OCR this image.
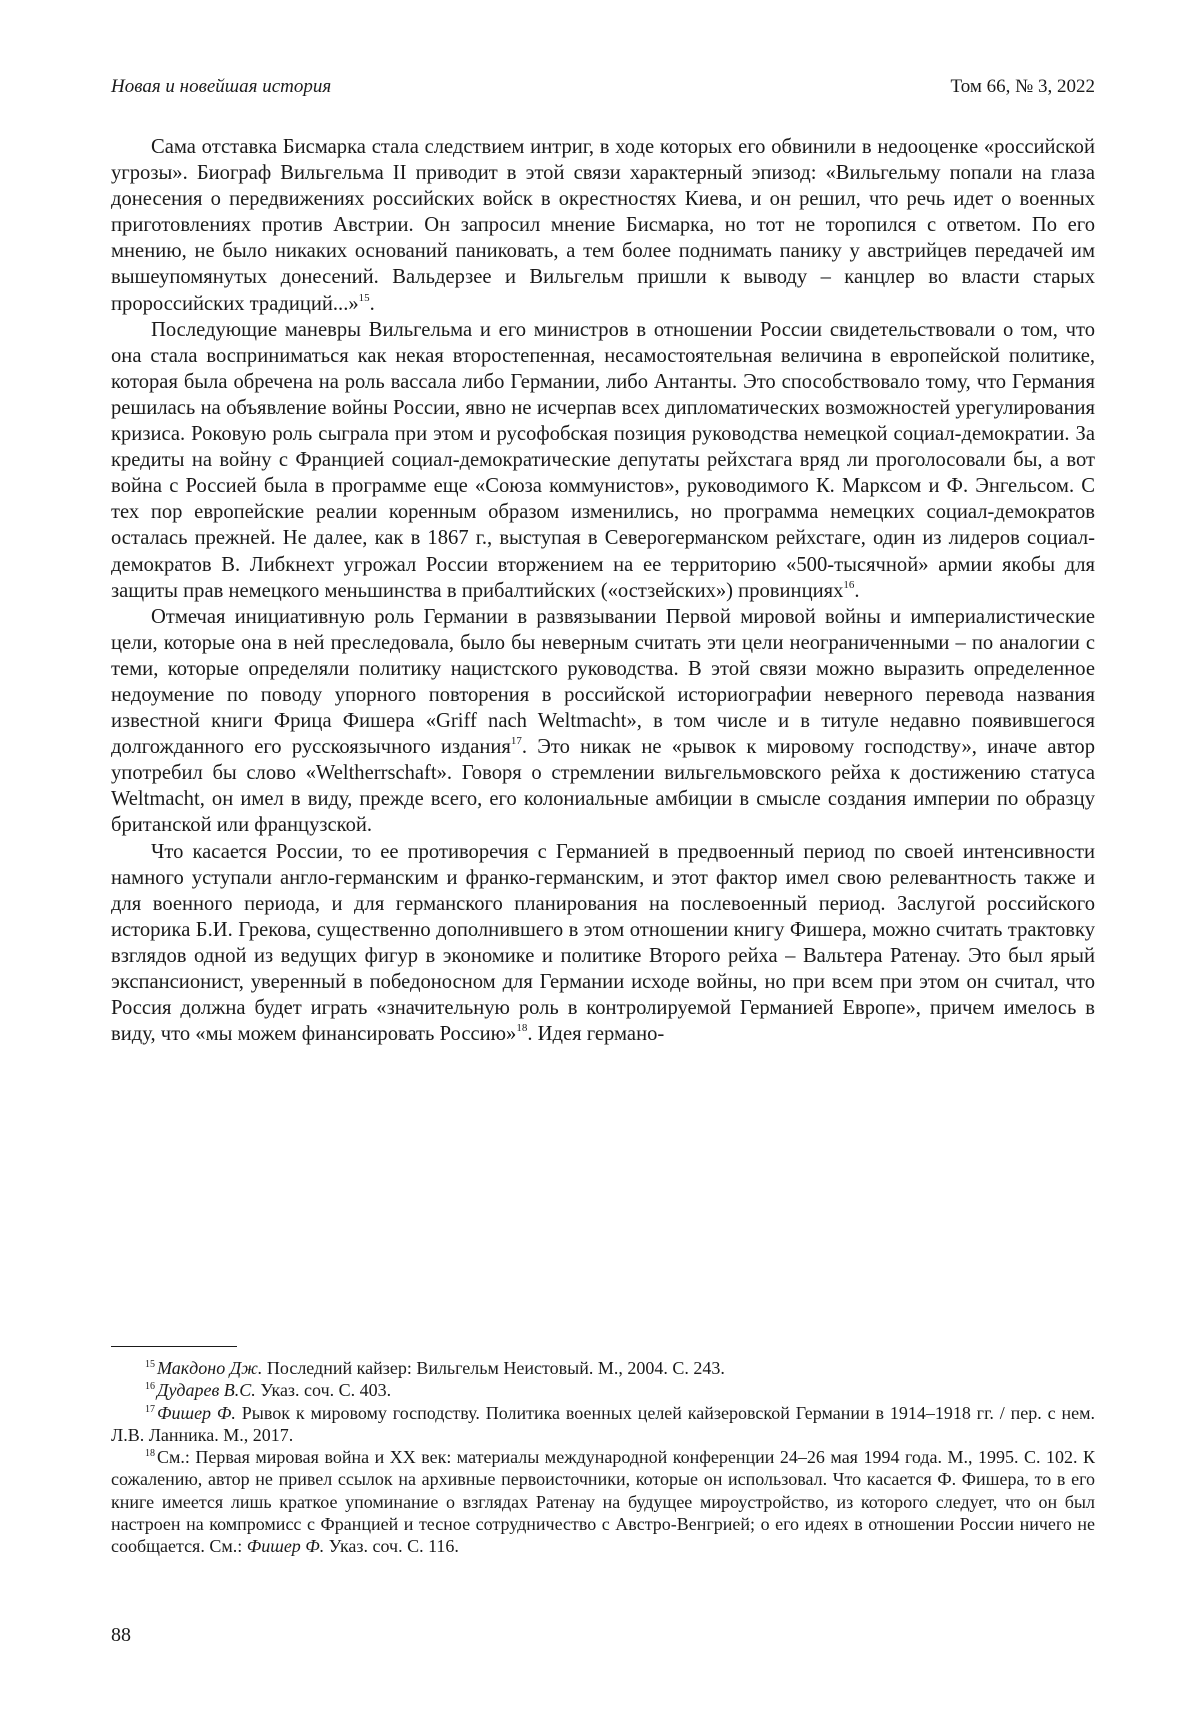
Новая и новейшая история	Том 66, № 3, 2022

Сама отставка Бисмарка стала следствием интриг, в ходе которых его обвинили в недооценке «российской угрозы». Биограф Вильгельма II приводит в этой связи характерный эпизод: «Вильгельму попали на глаза донесения о передвижениях российских войск в окрестностях Киева, и он решил, что речь идет о военных приготовлениях против Австрии. Он запросил мнение Бисмарка, но тот не торопился с ответом. По его мнению, не было никаких оснований паниковать, а тем более поднимать панику у австрийцев передачей им вышеупомянутых донесений. Вальдерзее и Вильгельм пришли к выводу – канцлер во власти старых пророссийских традиций...»$^{15}$.

Последующие маневры Вильгельма и его министров в отношении России свидетельствовали о том, что она стала восприниматься как некая второстепенная, несамостоятельная величина в европейской политике, которая была обречена на роль вассала либо Германии, либо Антанты. Это способствовало тому, что Германия решилась на объявление войны России, явно не исчерпав всех дипломатических возможностей урегулирования кризиса. Роковую роль сыграла при этом и русофобская позиция руководства немецкой социал-демократии. За кредиты на войну с Францией социал-демократические депутаты рейхстага вряд ли проголосовали бы, а вот война с Россией была в программе еще «Союза коммунистов», руководимого К. Марксом и Ф. Энгельсом. С тех пор европейские реалии коренным образом изменились, но программа немецких социал-демократов осталась прежней. Не далее, как в 1867 г., выступая в Северогерманском рейхстаге, один из лидеров социал-демократов В. Либкнехт угрожал России вторжением на ее территорию «500-тысячной» армии якобы для защиты прав немецкого меньшинства в прибалтийских («остзейских») провинциях$^{16}$.

Отмечая инициативную роль Германии в развязывании Первой мировой войны и империалистические цели, которые она в ней преследовала, было бы неверным считать эти цели неограниченными – по аналогии с теми, которые определяли политику нацистского руководства. В этой связи можно выразить определенное недоумение по поводу упорного повторения в российской историографии неверного перевода названия известной книги Фрица Фишера «Griff nach Weltmacht», в том числе и в титуле недавно появившегося долгожданного его русскоязычного издания$^{17}$. Это никак не «рывок к мировому господству», иначе автор употребил бы слово «Weltherrschaft». Говоря о стремлении вильгельмовского рейха к достижению статуса Weltmacht, он имел в виду, прежде всего, его колониальные амбиции в смысле создания империи по образцу британской или французской.

Что касается России, то ее противоречия с Германией в предвоенный период по своей интенсивности намного уступали англо-германским и франко-германским, и этот фактор имел свою релевантность также и для военного периода, и для германского планирования на послевоенный период. Заслугой российского историка Б.И. Грекова, существенно дополнившего в этом отношении книгу Фишера, можно считать трактовку взглядов одной из ведущих фигур в экономике и политике Второго рейха – Вальтера Ратенау. Это был ярый экспансионист, уверенный в победоносном для Германии исходе войны, но при всем при этом он считал, что Россия должна будет играть «значительную роль в контролируемой Германией Европе», причем имелось в виду, что «мы можем финансировать Россию»$^{18}$. Идея германо-

$^{15}$ Макдоно Дж. Последний кайзер: Вильгельм Неистовый. М., 2004. С. 243.

$^{16}$ Дударев В.С. Указ. соч. С. 403.

$^{17}$ Фишер Ф. Рывок к мировому господству. Политика военных целей кайзеровской Германии в 1914–1918 гг. / пер. с нем. Л.В. Ланника. М., 2017.

$^{18}$ См.: Первая мировая война и XX век: материалы международной конференции 24–26 мая 1994 года. М., 1995. С. 102. К сожалению, автор не привел ссылок на архивные первоисточники, которые он использовал. Что касается Ф. Фишера, то в его книге имеется лишь краткое упоминание о взглядах Ратенау на будущее мироустройство, из которого следует, что он был настроен на компромисс с Францией и тесное сотрудничество с Австро-Венгрией; о его идеях в отношении России ничего не сообщается. См.: Фишер Ф. Указ. соч. С. 116.

88
